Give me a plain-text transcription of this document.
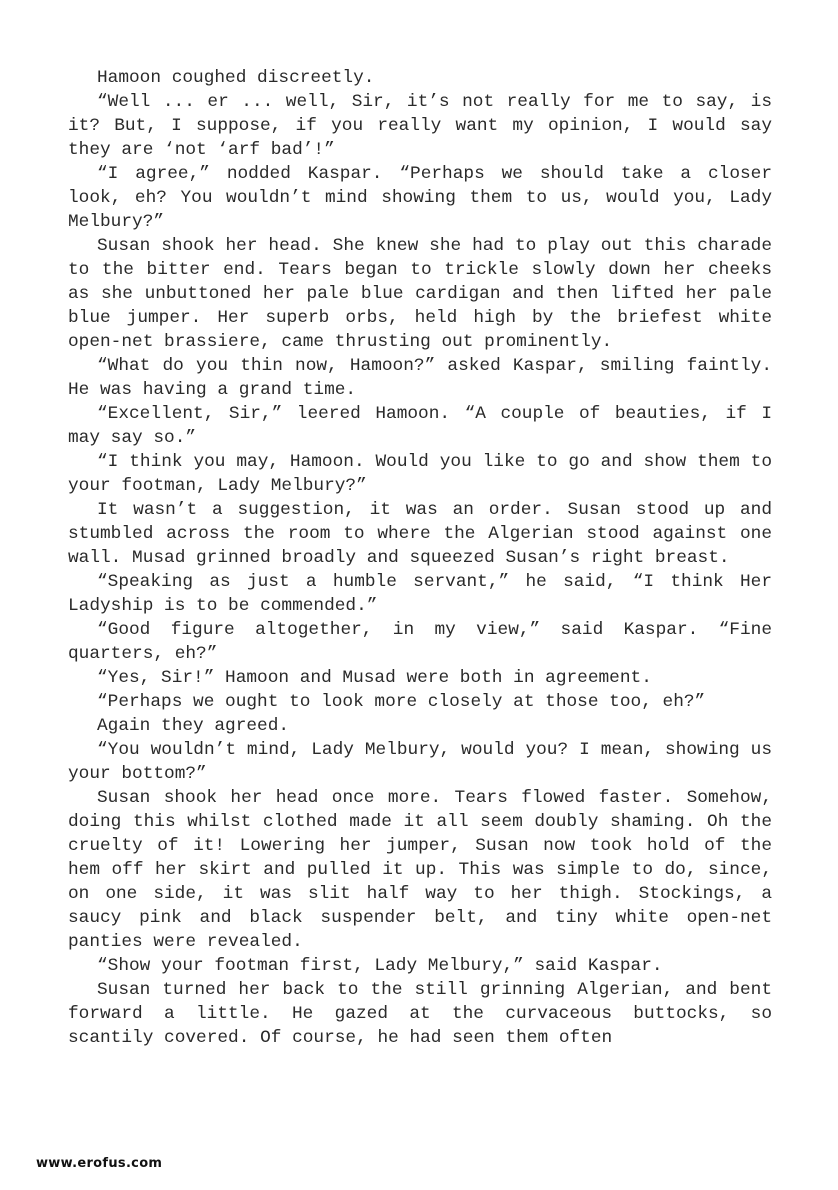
Hamoon coughed discreetly.

“Well ... er ... well, Sir, it’s not really for me to say, is it? But, I suppose, if you really want my opinion, I would say they are ‘not ‘arf bad’!”

“I agree,” nodded Kaspar. “Perhaps we should take a closer look, eh? You wouldn’t mind showing them to us, would you, Lady Melbury?”

Susan shook her head. She knew she had to play out this charade to the bitter end. Tears began to trickle slowly down her cheeks as she unbuttoned her pale blue cardigan and then lifted her pale blue jumper. Her superb orbs, held high by the briefest white open-net brassiere, came thrusting out prominently.

“What do you thin now, Hamoon?” asked Kaspar, smiling faintly. He was having a grand time.

“Excellent, Sir,” leered Hamoon. “A couple of beauties, if I may say so.”

“I think you may, Hamoon. Would you like to go and show them to your footman, Lady Melbury?”

It wasn’t a suggestion, it was an order. Susan stood up and stumbled across the room to where the Algerian stood against one wall. Musad grinned broadly and squeezed Susan’s right breast.

“Speaking as just a humble servant,” he said, “I think Her Ladyship is to be commended.”

“Good figure altogether, in my view,” said Kaspar. “Fine quarters, eh?”

“Yes, Sir!” Hamoon and Musad were both in agreement.

“Perhaps we ought to look more closely at those too, eh?”

Again they agreed.

“You wouldn’t mind, Lady Melbury, would you? I mean, showing us your bottom?”

Susan shook her head once more. Tears flowed faster. Somehow, doing this whilst clothed made it all seem doubly shaming. Oh the cruelty of it! Lowering her jumper, Susan now took hold of the hem off her skirt and pulled it up. This was simple to do, since, on one side, it was slit half way to her thigh. Stockings, a saucy pink and black suspender belt, and tiny white open-net panties were revealed.

“Show your footman first, Lady Melbury,” said Kaspar.

Susan turned her back to the still grinning Algerian, and bent forward a little. He gazed at the curvaceous buttocks, so scantily covered. Of course, he had seen them often

www.erofus.com
